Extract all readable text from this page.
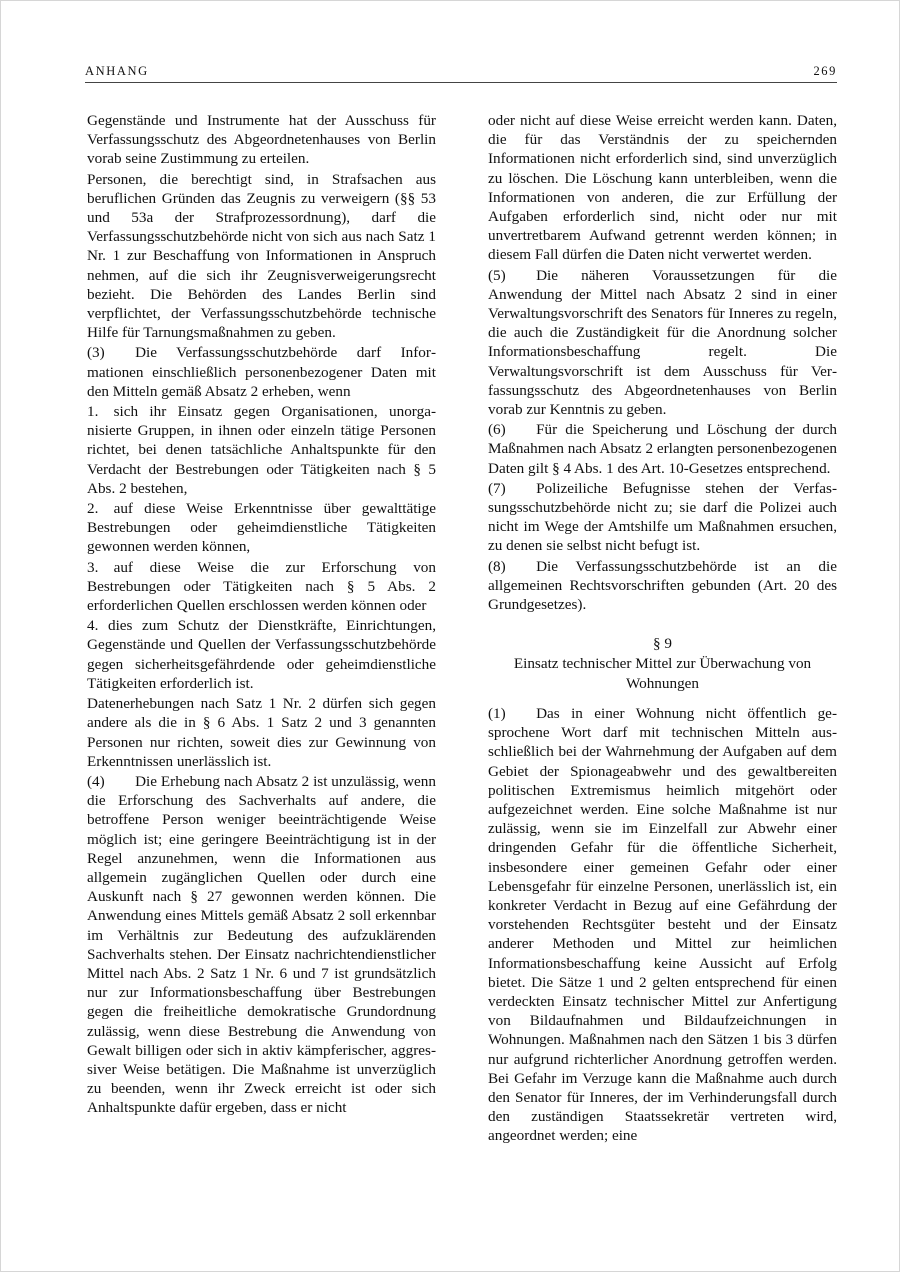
ANHANG	269

Gegenstände und Instrumente hat der Ausschuss für Verfassungsschutz des Abgeordnetenhauses von Berlin vorab seine Zustimmung zu erteilen.

Personen, die berechtigt sind, in Strafsachen aus beruflichen Gründen das Zeugnis zu verweigern (§§ 53 und 53a der Strafprozessordnung), darf die Verfassungsschutzbehörde nicht von sich aus nach Satz 1 Nr. 1 zur Beschaffung von Informationen in Anspruch nehmen, auf die sich ihr Zeugnisverweigerungsrecht bezieht. Die Behörden des Landes Berlin sind verpflichtet, der Verfassungsschutzbehörde technische Hilfe für Tarnungsmaßnahmen zu geben.

(3)  Die Verfassungsschutzbehörde darf Informationen einschließlich personenbezogener Daten mit den Mitteln gemäß Absatz 2 erheben, wenn

1. sich ihr Einsatz gegen Organisationen, unorganisierte Gruppen, in ihnen oder einzeln tätige Personen richtet, bei denen tatsächliche Anhaltspunkte für den Verdacht der Bestrebungen oder Tätigkeiten nach § 5 Abs. 2 bestehen,

2. auf diese Weise Erkenntnisse über gewalttätige Bestrebungen oder geheimdienstliche Tätigkeiten gewonnen werden können,

3. auf diese Weise die zur Erforschung von Bestrebungen oder Tätigkeiten nach § 5 Abs. 2 erforderlichen Quellen erschlossen werden können oder

4. dies zum Schutz der Dienstkräfte, Einrichtungen, Gegenstände und Quellen der Verfassungsschutzbehörde gegen sicherheitsgefährdende oder geheimdienstliche Tätigkeiten erforderlich ist.

Datenerhebungen nach Satz 1 Nr. 2 dürfen sich gegen andere als die in § 6 Abs. 1 Satz 2 und 3 genannten Personen nur richten, soweit dies zur Gewinnung von Erkenntnissen unerlässlich ist.

(4)  Die Erhebung nach Absatz 2 ist unzulässig, wenn die Erforschung des Sachverhalts auf andere, die betroffene Person weniger beeinträchtigende Weise möglich ist; eine geringere Beeinträchtigung ist in der Regel anzunehmen, wenn die Informationen aus allgemein zugänglichen Quellen oder durch eine Auskunft nach § 27 gewonnen werden können. Die Anwendung eines Mittels gemäß Absatz 2 soll erkennbar im Verhältnis zur Bedeutung des aufzuklärenden Sachverhalts stehen. Der Einsatz nachrichtendienstlicher Mittel nach Abs. 2 Satz 1 Nr. 6 und 7 ist grundsätzlich nur zur Informationsbeschaffung über Bestrebungen gegen die freiheitliche demokratische Grundordnung zulässig, wenn diese Bestrebung die Anwendung von Gewalt billigen oder sich in aktiv kämpferischer, aggressiver Weise betätigen. Die Maßnahme ist unverzüglich zu beenden, wenn ihr Zweck erreicht ist oder sich Anhaltspunkte dafür ergeben, dass er nicht

oder nicht auf diese Weise erreicht werden kann. Daten, die für das Verständnis der zu speichernden Informationen nicht erforderlich sind, sind unverzüglich zu löschen. Die Löschung kann unterbleiben, wenn die Informationen von anderen, die zur Erfüllung der Aufgaben erforderlich sind, nicht oder nur mit unvertretbarem Aufwand getrennt werden können; in diesem Fall dürfen die Daten nicht verwertet werden.

(5)  Die näheren Voraussetzungen für die Anwendung der Mittel nach Absatz 2 sind in einer Verwaltungsvorschrift des Senators für Inneres zu regeln, die auch die Zuständigkeit für die Anordnung solcher Informationsbeschaffung regelt. Die Verwaltungsvorschrift ist dem Ausschuss für Verfassungsschutz des Abgeordnetenhauses von Berlin vorab zur Kenntnis zu geben.

(6)  Für die Speicherung und Löschung der durch Maßnahmen nach Absatz 2 erlangten personenbezogenen Daten gilt § 4 Abs. 1 des Art. 10-Gesetzes entsprechend.

(7)  Polizeiliche Befugnisse stehen der Verfassungsschutzbehörde nicht zu; sie darf die Polizei auch nicht im Wege der Amtshilfe um Maßnahmen ersuchen, zu denen sie selbst nicht befugt ist.

(8)  Die Verfassungsschutzbehörde ist an die allgemeinen Rechtsvorschriften gebunden (Art. 20 des Grundgesetzes).

§ 9

Einsatz technischer Mittel zur Überwachung von Wohnungen

(1)  Das in einer Wohnung nicht öffentlich gesprochene Wort darf mit technischen Mitteln ausschließlich bei der Wahrnehmung der Aufgaben auf dem Gebiet der Spionageabwehr und des gewaltbereiten politischen Extremismus heimlich mitgehört oder aufgezeichnet werden. Eine solche Maßnahme ist nur zulässig, wenn sie im Einzelfall zur Abwehr einer dringenden Gefahr für die öffentliche Sicherheit, insbesondere einer gemeinen Gefahr oder einer Lebensgefahr für einzelne Personen, unerlässlich ist, ein konkreter Verdacht in Bezug auf eine Gefährdung der vorstehenden Rechtsgüter besteht und der Einsatz anderer Methoden und Mittel zur heimlichen Informationsbeschaffung keine Aussicht auf Erfolg bietet. Die Sätze 1 und 2 gelten entsprechend für einen verdeckten Einsatz technischer Mittel zur Anfertigung von Bildaufnahmen und Bildaufzeichnungen in Wohnungen. Maßnahmen nach den Sätzen 1 bis 3 dürfen nur aufgrund richterlicher Anordnung getroffen werden. Bei Gefahr im Verzuge kann die Maßnahme auch durch den Senator für Inneres, der im Verhinderungsfall durch den zuständigen Staatssekretär vertreten wird, angeordnet werden; eine
